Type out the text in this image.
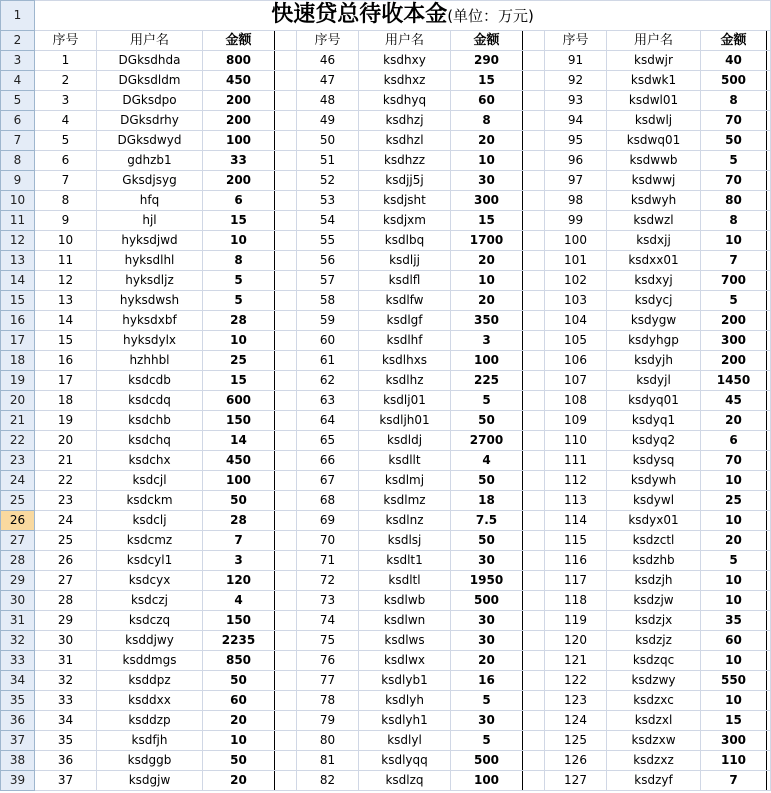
1	快速贷总待收本金(单位：万元)											
2	序号	用户名	金额		序号	用户名	金额		序号	用户名	金额	
3	1	DGksdhda	800		46	ksdhxy	290		91	ksdwjr	40	
4	2	DGksdldm	450		47	ksdhxz	15		92	ksdwk1	500	
5	3	DGksdpo	200		48	ksdhyq	60		93	ksdwl01	8	
6	4	DGksdrhy	200		49	ksdhzj	8		94	ksdwlj	70	
7	5	DGksdwyd	100		50	ksdhzl	20		95	ksdwq01	50	
8	6	gdhzb1	33		51	ksdhzz	10		96	ksdwwb	5	
9	7	Gksdjsyg	200		52	ksdjj5j	30		97	ksdwwj	70	
10	8	hfq	6		53	ksdjsht	300		98	ksdwyh	80	
11	9	hjl	15		54	ksdjxm	15		99	ksdwzl	8	
12	10	hyksdjwd	10		55	ksdlbq	1700		100	ksdxjj	10	
13	11	hyksdlhl	8		56	ksdljj	20		101	ksdxx01	7	
14	12	hyksdljz	5		57	ksdlfl	10		102	ksdxyj	700	
15	13	hyksdwsh	5		58	ksdlfw	20		103	ksdycj	5	
16	14	hyksdxbf	28		59	ksdlgf	350		104	ksdygw	200	
17	15	hyksdylx	10		60	ksdlhf	3		105	ksdyhgp	300	
18	16	hzhhbl	25		61	ksdlhxs	100		106	ksdyjh	200	
19	17	ksdcdb	15		62	ksdlhz	225		107	ksdyjl	1450	
20	18	ksdcdq	600		63	ksdlj01	5		108	ksdyq01	45	
21	19	ksdchb	150		64	ksdljh01	50		109	ksdyq1	20	
22	20	ksdchq	14		65	ksdldj	2700		110	ksdyq2	6	
23	21	ksdchx	450		66	ksdllt	4		111	ksdysq	70	
24	22	ksdcjl	100		67	ksdlmj	50		112	ksdywh	10	
25	23	ksdckm	50		68	ksdlmz	18		113	ksdywl	25	
26	24	ksdclj	28		69	ksdlnz	7.5		114	ksdyx01	10	
27	25	ksdcmz	7		70	ksdlsj	50		115	ksdzctl	20	
28	26	ksdcyl1	3		71	ksdlt1	30		116	ksdzhb	5	
29	27	ksdcyx	120		72	ksdltl	1950		117	ksdzjh	10	
30	28	ksdczj	4		73	ksdlwb	500		118	ksdzjw	10	
31	29	ksdczq	150		74	ksdlwn	30		119	ksdzjx	35	
32	30	ksddjwy	2235		75	ksdlws	30		120	ksdzjz	60	
33	31	ksddmgs	850		76	ksdlwx	20		121	ksdzqc	10	
34	32	ksddpz	50		77	ksdlyb1	16		122	ksdzwy	550	
35	33	ksddxx	60		78	ksdlyh	5		123	ksdzxc	10	
36	34	ksddzp	20		79	ksdlyh1	30		124	ksdzxl	15	
37	35	ksdfjh	10		80	ksdlyl	5		125	ksdzxw	300	
38	36	ksdggb	50		81	ksdlyqq	500		126	ksdzxz	110	
39	37	ksdgjw	20		82	ksdlzq	100		127	ksdzyf	7	
